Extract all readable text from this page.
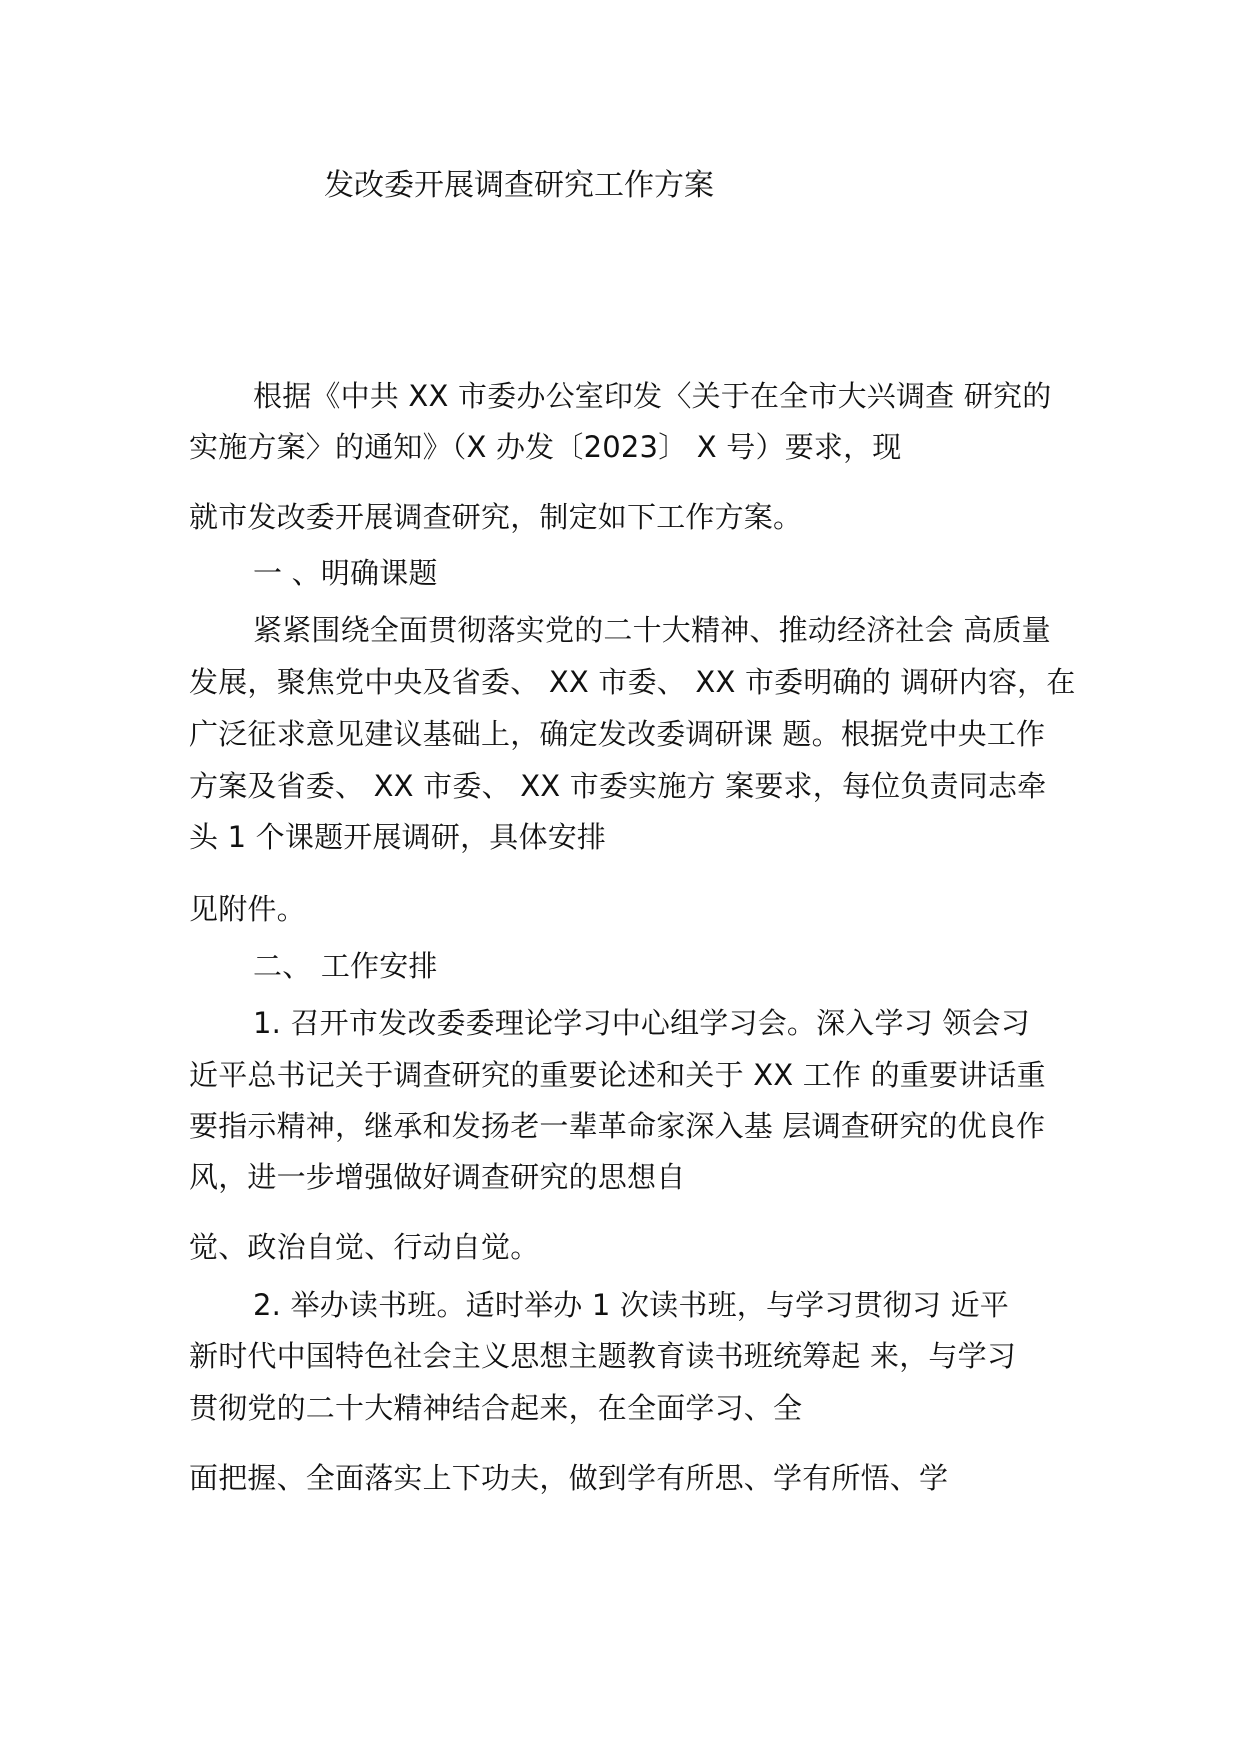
发改委开展调查研究工作方案
根据《中共 XX 市委办公室印发〈关于在全市大兴调查 研究的
实施方案〉的通知》（X 办发〔2023〕 X 号）要求，现
就市发改委开展调查研究，制定如下工作方案。
一 、明确课题
紧紧围绕全面贯彻落实党的二十大精神、推动经济社会 高质量
发展，聚焦党中央及省委、 XX 市委、 XX 市委明确的 调研内容，在
广泛征求意见建议基础上，确定发改委调研课 题。根据党中央工作
方案及省委、 XX 市委、 XX 市委实施方 案要求，每位负责同志牵
头 1 个课题开展调研，具体安排
见附件。
二、 工作安排
1. 召开市发改委委理论学习中心组学习会。深入学习 领会习
近平总书记关于调查研究的重要论述和关于 XX 工作 的重要讲话重
要指示精神，继承和发扬老一辈革命家深入基 层调查研究的优良作
风，进一步增强做好调查研究的思想自
觉、政治自觉、行动自觉。
2. 举办读书班。适时举办 1 次读书班，与学习贯彻习 近平
新时代中国特色社会主义思想主题教育读书班统筹起 来，与学习
贯彻党的二十大精神结合起来，在全面学习、全
面把握、全面落实上下功夫，做到学有所思、学有所悟、学
